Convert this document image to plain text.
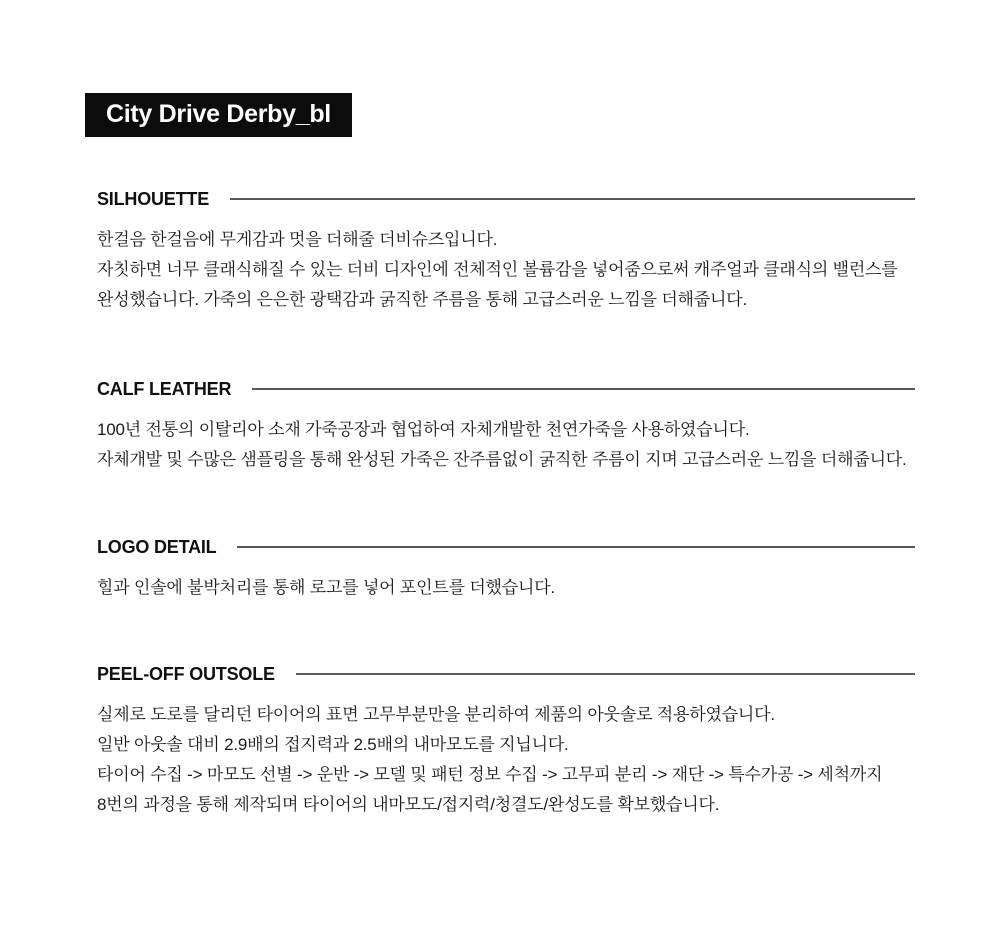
City Drive Derby_bl
SILHOUETTE

한걸음 한걸음에 무게감과 멋을 더해줄 더비슈즈입니다.

자칫하면 너무 클래식해질 수 있는 더비 디자인에 전체적인 볼륨감을 넣어줌으로써 캐주얼과 클래식의 밸런스를

완성했습니다. 가죽의 은은한 광택감과 굵직한 주름을 통해 고급스러운 느낌을 더해줍니다.

CALF LEATHER

100년 전통의 이탈리아 소재 가죽공장과 협업하여 자체개발한 천연가죽을 사용하였습니다.

자체개발 및 수많은 샘플링을 통해 완성된 가죽은 잔주름없이 굵직한 주름이 지며 고급스러운 느낌을 더해줍니다.

LOGO DETAIL

힐과 인솔에 불박처리를 통해 로고를 넣어 포인트를 더했습니다.

PEEL-OFF OUTSOLE

실제로 도로를 달리던 타이어의 표면 고무부분만을 분리하여 제품의 아웃솔로 적용하였습니다.

일반 아웃솔 대비 2.9배의 접지력과 2.5배의 내마모도를 지닙니다.

타이어 수집 -> 마모도 선별 -> 운반 -> 모델 및 패턴 정보 수집 -> 고무피 분리 -> 재단 -> 특수가공 -> 세척까지

8번의 과정을 통해 제작되며 타이어의 내마모도/접지력/청결도/완성도를 확보했습니다.
